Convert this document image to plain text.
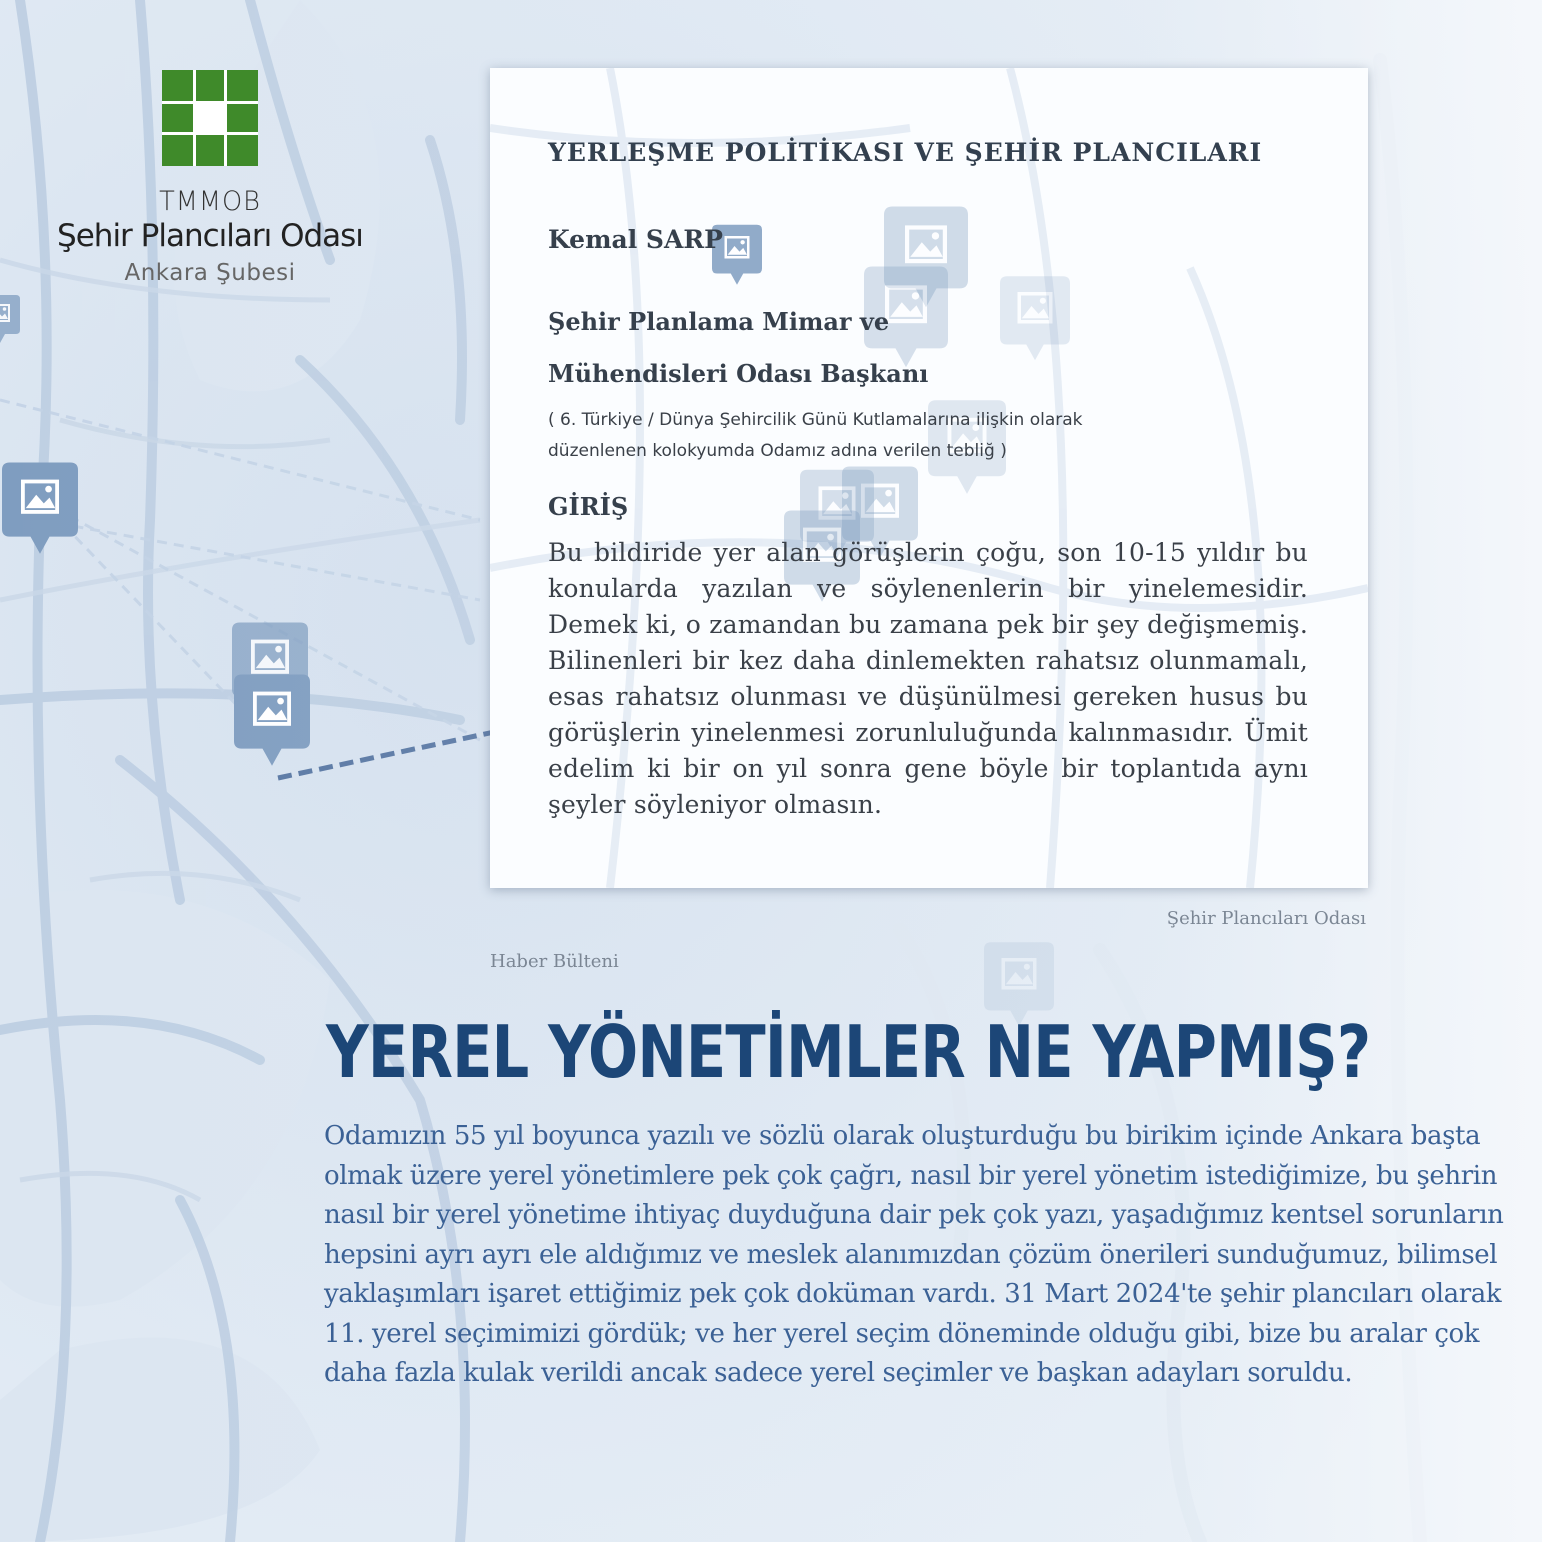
TMMOB
Şehir Plancıları Odası
Ankara Şubesi
YERLEŞME POLİTİKASI VE ŞEHİR PLANCILARI
Kemal SARP
Şehir Planlama Mimar ve
Mühendisleri Odası Başkanı
( 6. Türkiye / Dünya Şehircilik Günü Kutlamalarına ilişkin olarak
düzenlenen kolokyumda Odamız adına verilen tebliğ )
GİRİŞ
Bu bildiride yer alan görüşlerin çoğu, son 10-15 yıldır bu konularda yazılan ve söylenenlerin bir yinelemesidir. Demek ki, o zamandan bu zamana pek bir şey değişmemiş. Bilinenleri bir kez daha dinlemekten rahatsız olunmamalı, esas rahatsız olunması ve düşünülmesi gereken husus bu görüşlerin yinelenmesi zorunluluğunda kalınmasıdır. Ümit edelim ki bir on yıl sonra gene böyle bir toplantıda aynı şeyler söyleniyor olmasın.
Şehir Plancıları Odası
Haber Bülteni
YEREL YÖNETİMLER NE YAPMIŞ?

Odamızın 55 yıl boyunca yazılı ve sözlü olarak oluşturduğu bu birikim içinde Ankara başta olmak üzere yerel yönetimlere pek çok çağrı, nasıl bir yerel yönetim istediğimize, bu şehrin nasıl bir yerel yönetime ihtiyaç duyduğuna dair pek çok yazı, yaşadığımız kentsel sorunların hepsini ayrı ayrı ele aldığımız ve meslek alanımızdan çözüm önerileri sunduğumuz, bilimsel yaklaşımları işaret ettiğimiz pek çok doküman vardı. 31 Mart 2024'te şehir plancıları olarak 11. yerel seçimimizi gördük; ve her yerel seçim döneminde olduğu gibi, bize bu aralar çok daha fazla kulak verildi ancak sadece yerel seçimler ve başkan adayları soruldu.
